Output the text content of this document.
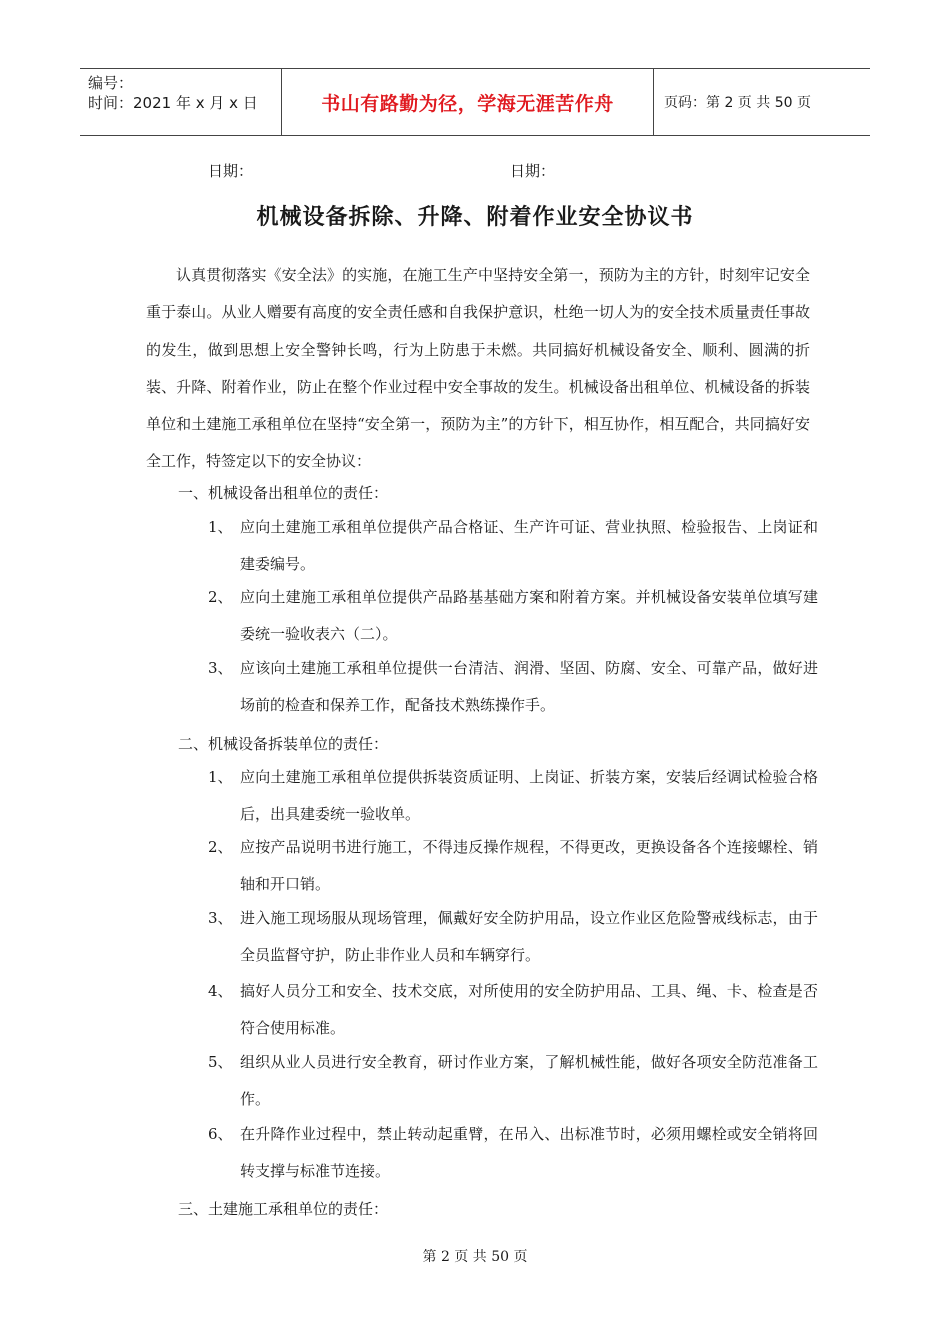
编号：
时间：2021 年 x 月 x 日	书山有路勤为径，学海无涯苦作舟	页码：第 2 页 共 50 页
日期：	日期：
机械设备拆除、升降、附着作业安全协议书

认真贯彻落实《安全法》的实施，在施工生产中坚持安全第一，预防为主的方针，时刻牢记安全重于泰山。从业人赠要有高度的安全责任感和自我保护意识，杜绝一切人为的安全技术质量责任事故的发生，做到思想上安全警钟长鸣，行为上防患于未燃。共同搞好机械设备安全、顺利、圆满的折装、升降、附着作业，防止在整个作业过程中安全事故的发生。机械设备出租单位、机械设备的拆装单位和土建施工承租单位在坚持“安全第一，预防为主”的方针下，相互协作，相互配合，共同搞好安全工作，特签定以下的安全协议：

一、机械设备出租单位的责任：
1、 应向土建施工承租单位提供产品合格证、生产许可证、营业执照、检验报告、上岗证和建委编号。
2、 应向土建施工承租单位提供产品路基基础方案和附着方案。并机械设备安装单位填写建委统一验收表六（二）。
3、 应该向土建施工承租单位提供一台清洁、润滑、坚固、防腐、安全、可靠产品，做好进场前的检查和保养工作，配备技术熟练操作手。
二、机械设备拆装单位的责任：
1、 应向土建施工承租单位提供拆装资质证明、上岗证、折装方案，安装后经调试检验合格后，出具建委统一验收单。
2、 应按产品说明书进行施工，不得违反操作规程，不得更改，更换设备各个连接螺栓、销轴和开口销。
3、 进入施工现场服从现场管理，佩戴好安全防护用品，设立作业区危险警戒线标志，由于全员监督守护，防止非作业人员和车辆穿行。
4、 搞好人员分工和安全、技术交底，对所使用的安全防护用品、工具、绳、卡、检查是否符合使用标准。
5、 组织从业人员进行安全教育，研讨作业方案，了解机械性能，做好各项安全防范准备工作。
6、 在升降作业过程中，禁止转动起重臂，在吊入、出标准节时，必须用螺栓或安全销将回转支撑与标准节连接。
三、土建施工承租单位的责任：
第 2 页 共 50 页
